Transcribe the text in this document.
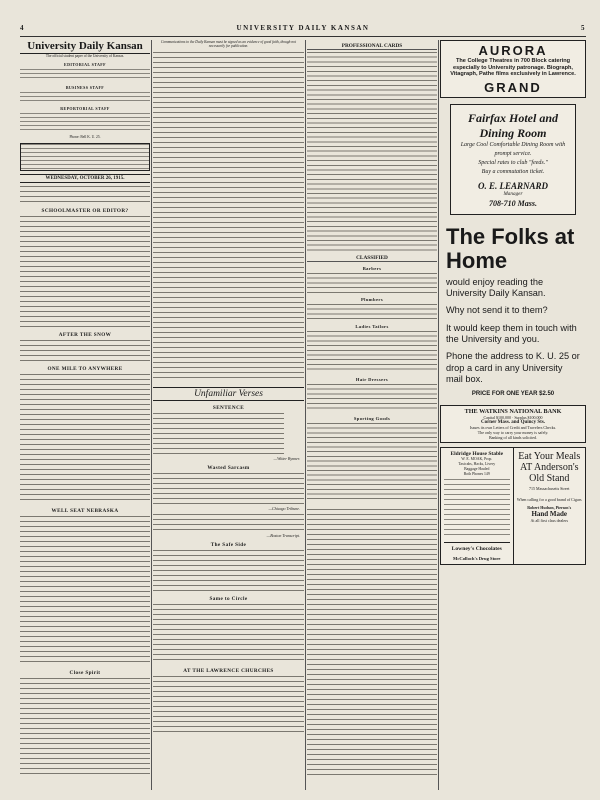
4	UNIVERSITY DAILY KANSAN	5
University Daily Kansan
The official student paper of the University of Kansas.
EDITORIAL STAFF
BUSINESS STAFF
REPORTORIAL STAFF
Phone: Bell K. U. 25.
WEDNESDAY, OCTOBER 26, 1915.
SCHOOLMASTER OR EDITOR?
AFTER THE SNOW
ONE MILE TO ANYWHERE
WELL SEAT NEBRASKA
Close Spirit
Communications to the Daily Kansan must be signed as an evidence of good faith, though not necessarily for publication.
Unfamiliar Verses
SENTENCE
—Witter Bynner.
Wasted Sarcasm
—Chicago Tribune.
—Boston Transcript.
The Safe Side
Same to Circle
AT THE LAWRENCE CHURCHES
PROFESSIONAL CARDS
CLASSIFIED
Barbers
Plumbers
Ladies Tailors
Hair Dressers
Sporting Goods
AURORA
The College Theatres in 700 Block catering especially to University patronage. Biograph, Vitagraph, Pathe films exclusively in Lawrence.
GRAND
Fairfax Hotel and Dining Room
Large Cool Comfortable Dining Room with prompt service.
Special rates to club "feeds."
Buy a commutation ticket.
O. E. LEARNARD
Manager
708-710 Mass.
The Folks at Home
would enjoy reading the University Daily Kansan.
Why not send it to them?
It would keep them in touch with the University and you.
Phone the address to K. U. 25 or drop a card in any University mail box.
PRICE FOR ONE YEAR $2.50
THE WATKINS NATIONAL BANK
Capital $100,000 · Surplus $100,000
Corner Mass. and Quincy Sts.
Issues its own Letters of Credit and Travelers Checks.
The only way to carry your money is safely.
Banking of all kinds solicited.
Eldridge House Stable
W. E. MOAK, Prop.
Taxicabs, Hacks, Livery
Baggage Hauled
Both Phones 149
Lowney's Chocolates
McColloch's Drug Store
Eat Your Meals AT Anderson's Old Stand
715 Massachusetts Street
When calling for a good brand of Cigars
Robert Hudson, Pierson's
Hand Made
At all first class dealers
